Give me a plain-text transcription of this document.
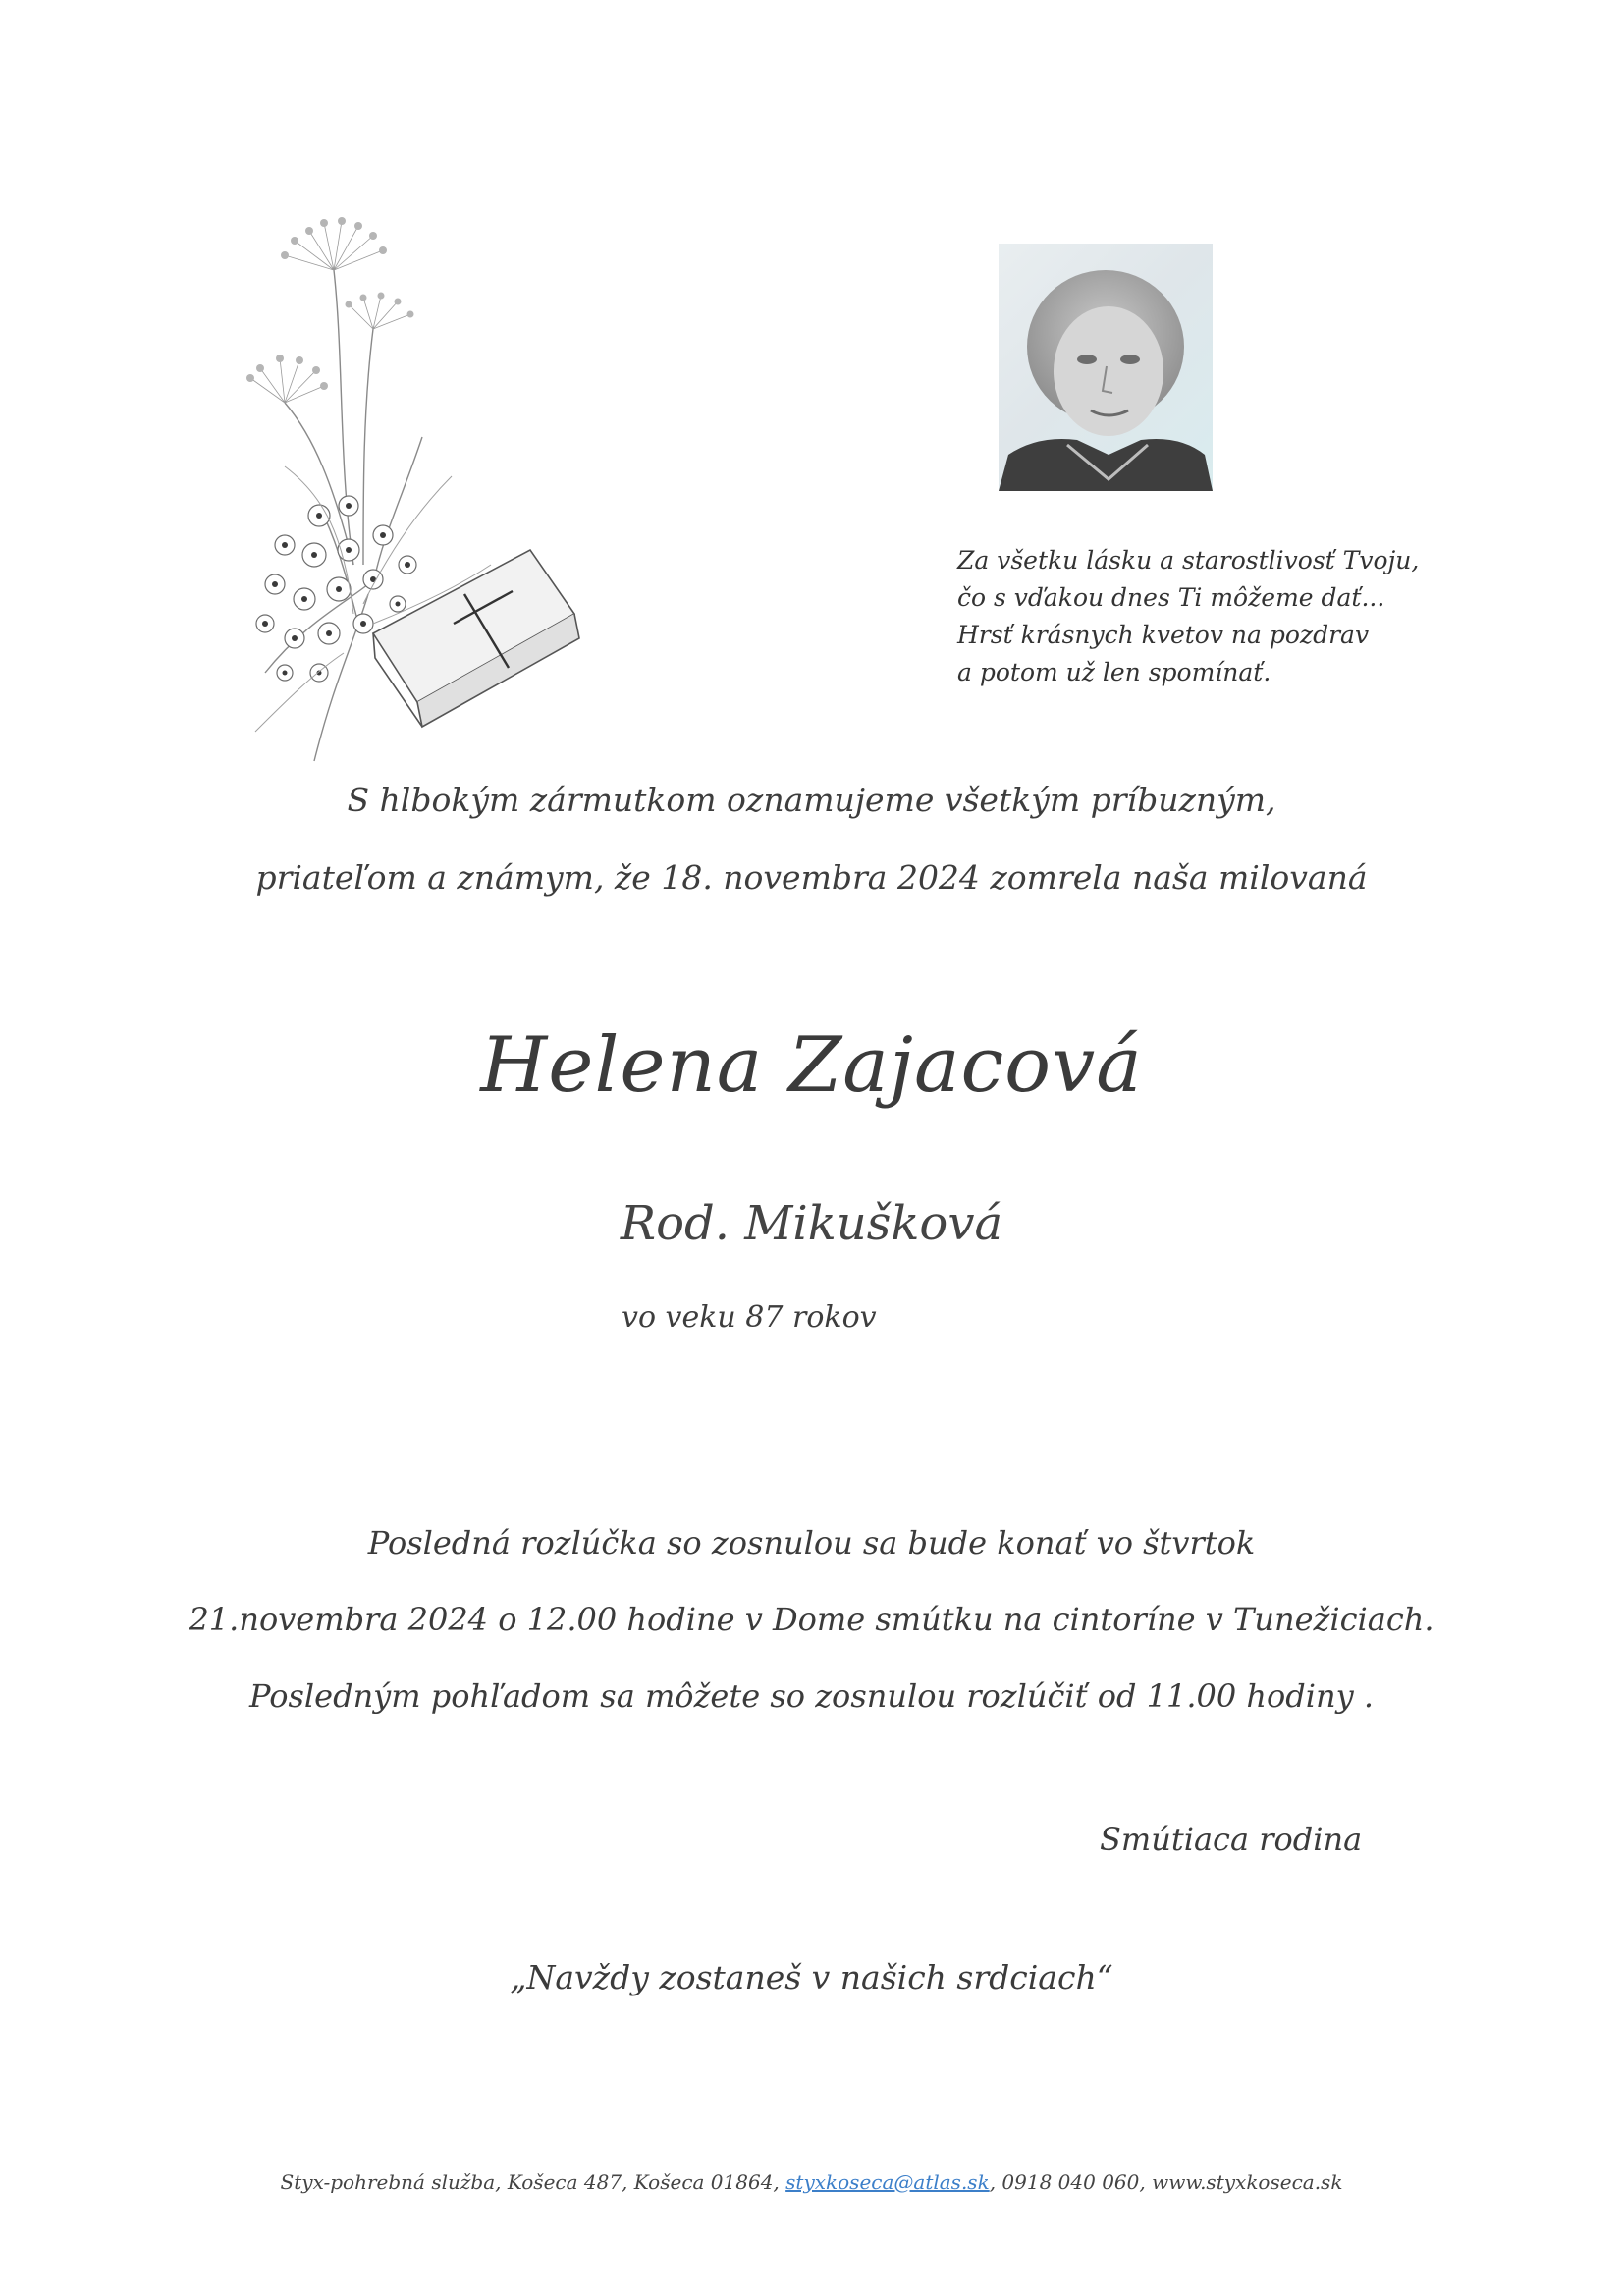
Za všetku lásku a starostlivosť Tvoju,
čo s vďakou dnes Ti môžeme dať...
Hrsť krásnych kvetov na pozdrav
a potom už len spomínať.
S hlbokým zármutkom oznamujeme všetkým príbuzným,
priateľom a známym, že 18. novembra 2024 zomrela naša milovaná
Helena Zajacová
Rod. Mikušková
vo veku 87 rokov
Posledná rozlúčka so zosnulou sa bude konať vo štvrtok
21.novembra 2024 o 12.00 hodine v Dome smútku na cintoríne v Tunežiciach.
Posledným pohľadom sa môžete so zosnulou rozlúčiť od 11.00 hodiny .
Smútiaca rodina
„Navždy zostaneš v našich srdciach“
Styx-pohrebná služba, Košeca 487, Košeca 01864, styxkoseca@atlas.sk, 0918 040 060, www.styxkoseca.sk
